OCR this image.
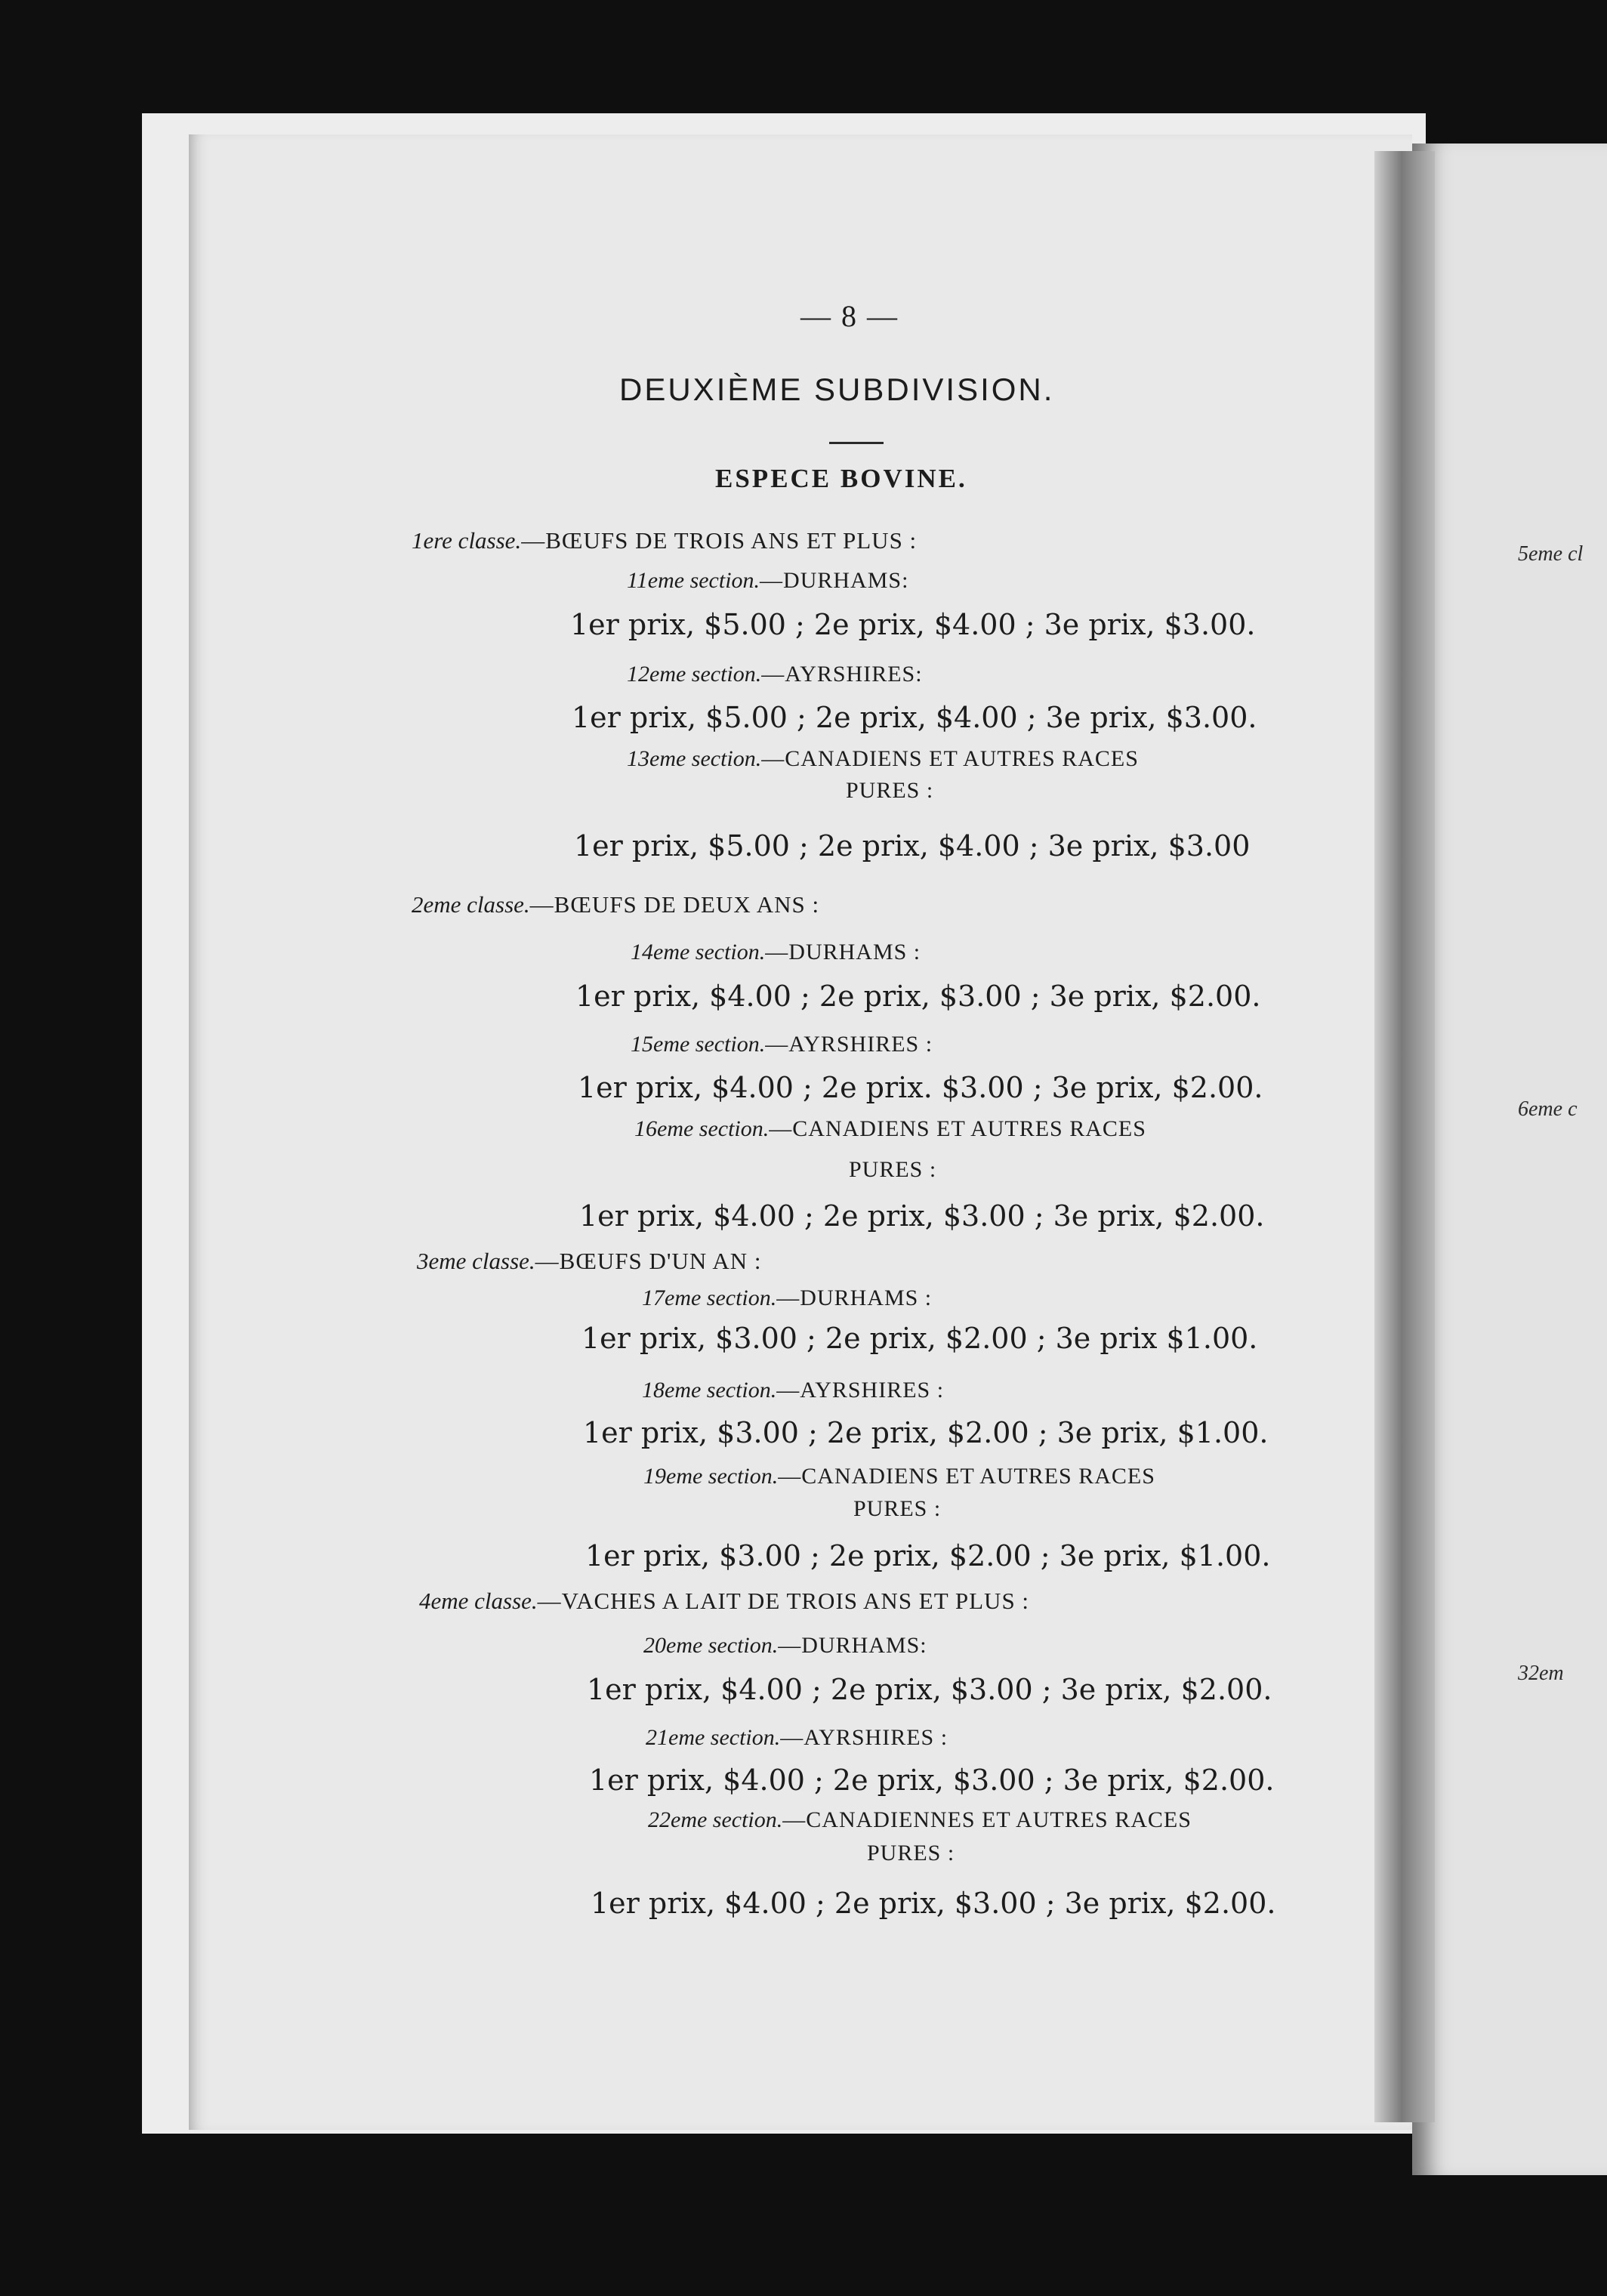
5eme cl
6eme c
32em
— 8 —
DEUXIÈME SUBDIVISION.
ESPECE BOVINE.
1ere classe.—BŒUFS DE TROIS ANS ET PLUS :
11eme section.—DURHAMS:
1er prix, $5.00 ; 2e prix, $4.00 ; 3e prix, $3.00.
12eme section.—AYRSHIRES:
1er prix, $5.00 ; 2e prix, $4.00 ; 3e prix, $3.00.
13eme section.—CANADIENS ET AUTRES RACES
PURES :
1er prix, $5.00 ; 2e prix, $4.00 ; 3e prix, $3.00
2eme classe.—BŒUFS DE DEUX ANS :
14eme section.—DURHAMS :
1er prix, $4.00 ; 2e prix, $3.00 ; 3e prix, $2.00.
15eme section.—AYRSHIRES :
1er prix, $4.00 ; 2e prix. $3.00 ; 3e prix, $2.00.
16eme section.—CANADIENS ET AUTRES RACES
PURES :
1er prix, $4.00 ; 2e prix, $3.00 ; 3e prix, $2.00.
3eme classe.—BŒUFS D'UN AN :
17eme section.—DURHAMS :
1er prix, $3.00 ; 2e prix, $2.00 ; 3e prix $1.00.
18eme section.—AYRSHIRES :
1er prix, $3.00 ; 2e prix, $2.00 ; 3e prix, $1.00.
19eme section.—CANADIENS ET AUTRES RACES
PURES :
1er prix, $3.00 ; 2e prix, $2.00 ; 3e prix, $1.00.
4eme classe.—VACHES A LAIT DE TROIS ANS ET PLUS :
20eme section.—DURHAMS:
1er prix, $4.00 ; 2e prix, $3.00 ; 3e prix, $2.00.
21eme section.—AYRSHIRES :
1er prix, $4.00 ; 2e prix, $3.00 ; 3e prix, $2.00.
22eme section.—CANADIENNES ET AUTRES RACES
PURES :
1er prix, $4.00 ; 2e prix, $3.00 ; 3e prix, $2.00.
